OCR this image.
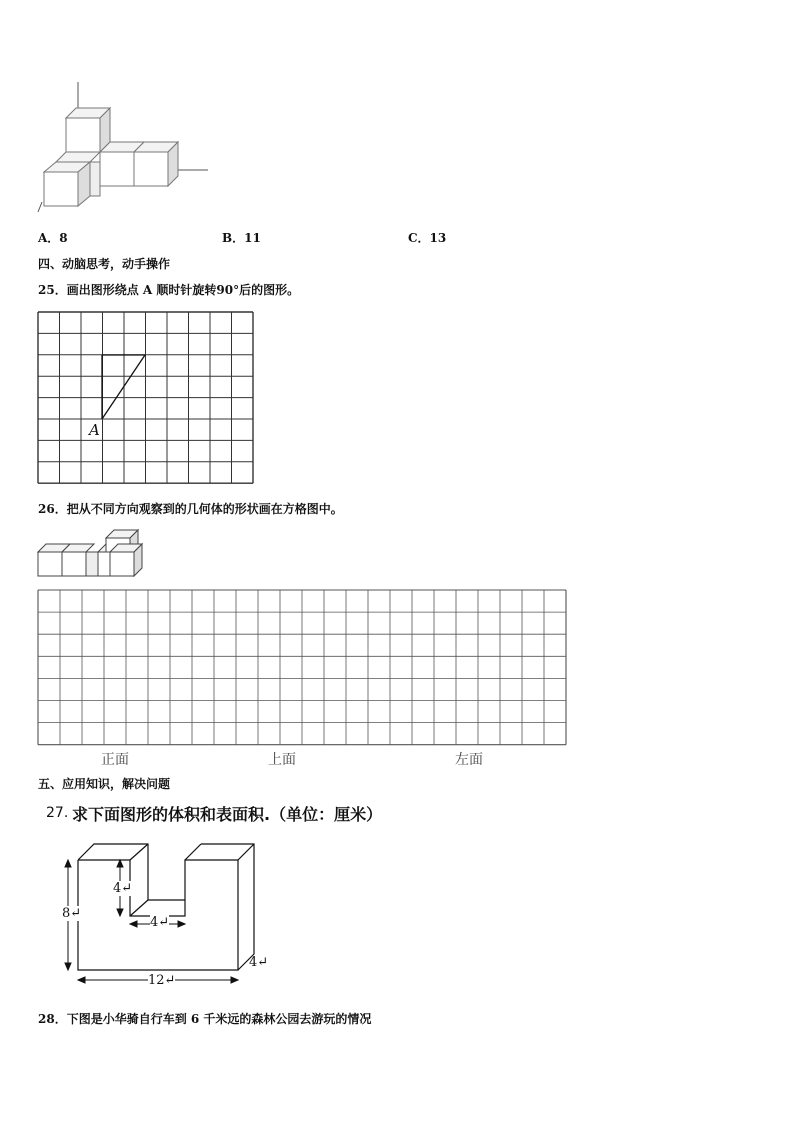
A．8	B．11	C．13
四、动脑思考，动手操作
25．画出图形绕点 A 顺时针旋转90°后的图形。
A
26．把从不同方向观察到的几何体的形状画在方格图中。
正面	上面	左面
五、应用知识，解决问题
27. 求下面图形的体积和表面积.（单位：厘米）
8↵
4↵
4↵
12↵
4↵
28．下图是小华骑自行车到 6 千米远的森林公园去游玩的情况
